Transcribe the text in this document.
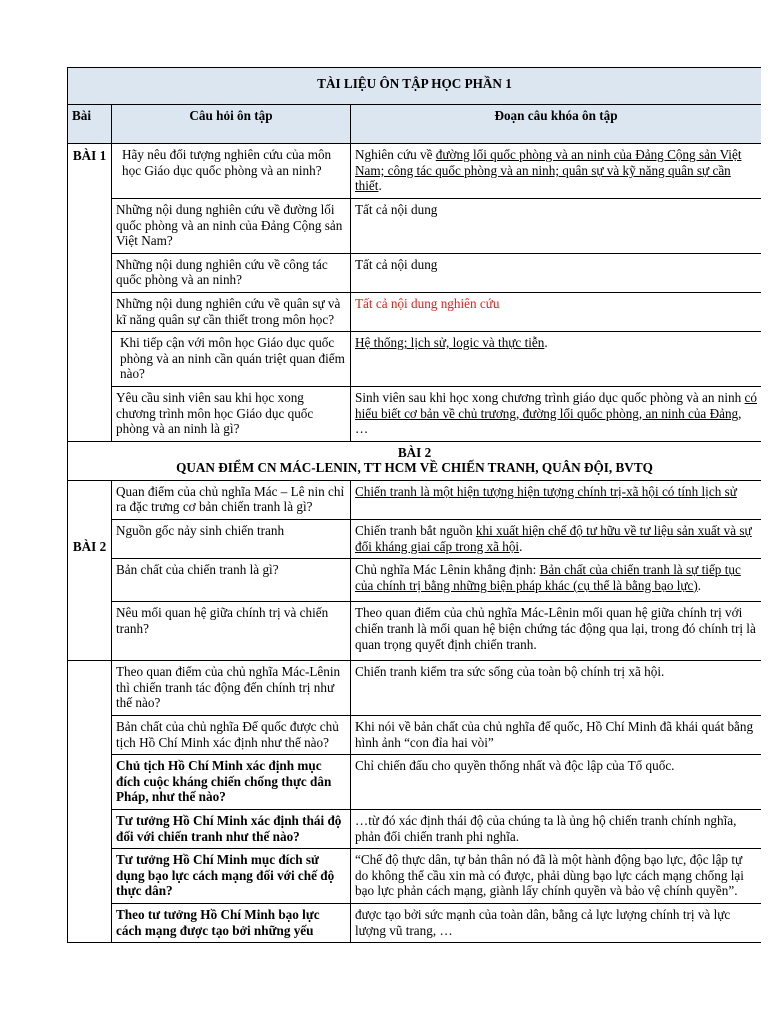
TÀI LIỆU ÔN TẬP HỌC PHẦN 1		
Bài	Câu hỏi ôn tập	Đoạn câu khóa ôn tập
BÀI 1	Hãy nêu đối tượng nghiên cứu của môn học Giáo dục quốc phòng và an ninh?	Nghiên cứu về đường lối quốc phòng và an ninh của Đảng Cộng sản Việt Nam; công tác quốc phòng và an ninh; quân sự và kỹ năng quân sự cần thiết.
	Những nội dung nghiên cứu về đường lối quốc phòng và an ninh của Đảng Cộng sản Việt Nam?	Tất cả nội dung
	Những nội dung nghiên cứu về công tác quốc phòng và an ninh?	Tất cả nội dung
	Những nội dung nghiên cứu về quân sự và kĩ năng quân sự cần thiết trong môn học?	Tất cả nội dung nghiên cứu
	Khi tiếp cận với môn học Giáo dục quốc phòng và an ninh cần quán triệt quan điểm nào?	Hệ thống; lịch sử, logic và thực tiễn.
	Yêu cầu sinh viên sau khi học xong chương trình môn học Giáo dục quốc phòng và an ninh là gì?	Sinh viên sau khi học xong chương trình giáo dục quốc phòng và an ninh có hiểu biết cơ bản về chủ trương, đường lối quốc phòng, an ninh của Đảng, …

BÀI 2
QUAN ĐIỂM CN MÁC-LENIN, TT HCM VỀ CHIẾN TRANH, QUÂN ĐỘI, BVTQ		

BÀI 2	Quan điểm của chủ nghĩa Mác – Lê nin chỉ ra đặc trưng cơ bản chiến tranh là gì?	Chiến tranh là một hiện tượng hiện tượng chính trị-xã hội có tính lịch sử
	Nguồn gốc nảy sinh chiến tranh	Chiến tranh bắt nguồn khi xuất hiện chế độ tư hữu về tư liệu sản xuất và sự đối kháng giai cấp trong xã hội.
	Bản chất của chiến tranh là gì?	Chủ nghĩa Mác Lênin khẳng định: Bản chất của chiến tranh là sự tiếp tục của chính trị bằng những biện pháp khác (cụ thể là bằng bạo lực).
	Nêu mối quan hệ giữa chính trị và chiến tranh?	Theo quan điểm của chủ nghĩa Mác-Lênin mối quan hệ giữa chính trị với chiến tranh là mối quan hệ biện chứng tác động qua lại, trong đó chính trị là quan trọng quyết định chiến tranh.
	Theo quan điểm của chủ nghĩa Mác-Lênin thì chiến tranh tác động đến chính trị như thế nào?	Chiến tranh kiểm tra sức sống của toàn bộ chính trị xã hội.
	Bản chất của chủ nghĩa Đế quốc được chủ tịch Hồ Chí Minh xác định như thế nào?	Khi nói về bản chất của chủ nghĩa đế quốc, Hồ Chí Minh đã khái quát bằng hình ảnh “con đỉa hai vòi”
	Chủ tịch Hồ Chí Minh xác định mục đích cuộc kháng chiến chống thực dân Pháp, như thế nào?	Chỉ chiến đấu cho quyền thống nhất và độc lập của Tổ quốc.
	Tư tưởng Hồ Chí Minh xác định thái độ đối với chiến tranh như thế nào?	…từ đó xác định thái độ của chúng ta là ủng hộ chiến tranh chính nghĩa, phản đối chiến tranh phi nghĩa.
	Tư tưởng Hồ Chí Minh mục đích sử dụng bạo lực cách mạng đối với chế độ thực dân?	“Chế độ thực dân, tự bản thân nó đã là một hành động bạo lực, độc lập tự do không thể cầu xin mà có được, phải dùng bạo lực cách mạng chống lại bạo lực phản cách mạng, giành lấy chính quyền và bảo vệ chính quyền”.
	Theo tư tưởng Hồ Chí Minh bạo lực cách mạng được tạo bởi những yếu	được tạo bởi sức mạnh của toàn dân, bằng cả lực lượng chính trị và lực lượng vũ trang, …
